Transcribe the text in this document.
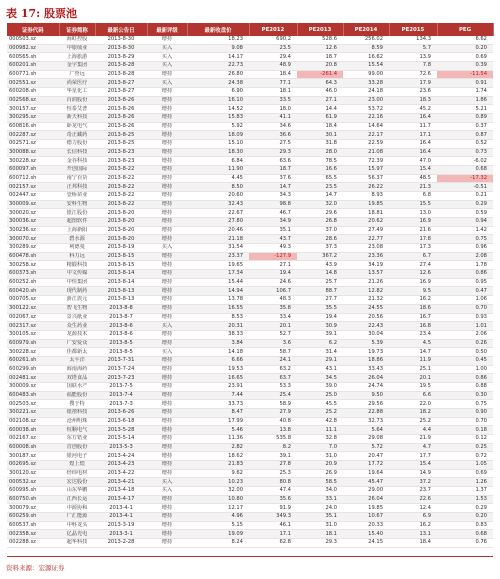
表 17: 股票池
证券代码	证券简称	最新公告日	最新评级	最新收盘价	PE2012	PE2013	PE2014	PE2015	PEG
000503.sz	海虹控股	2013-8-30	增持	18.23	690.2	528.6	256.02	134.3	6.62
000982.sz	中银绒业	2013-8-30	买入	9.08	23.5	12.6	8.59	5.7	0.20
600565.sh	上海旅游	2013-8-29	买入	14.17	29.4	18.7	16.62	13.9	0.69
600201.sh	金宇集团	2013-8-28	买入	22.73	48.9	20.8	15.54	7.8	0.39
600771.sh	广誉远	2013-8-28	增持	26.80	18.4	-261.4	99.00	72.6	-11.54
002551.sz	尚荣医疗	2013-8-27	买入	24.38	77.1	64.3	33.28	17.9	0.91
600208.sh	华星化工	2013-8-27	增持	6.90	18.1	46.0	24.18	23.6	1.74
002568.sz	百润股份	2013-8-26	增持	16.10	33.5	27.1	23.00	18.3	1.86
300157.sz	恒泰艾普	2013-8-26	增持	14.52	18.0	14.4	53.72	45.2	5.21
300295.sz	新天科技	2013-8-26	增持	15.83	41.1	61.9	22.16	16.4	0.89
600816.sh	卧龙电气	2013-8-26	增持	5.92	34.6	18.4	14.64	11.7	0.37
002287.sz	奇正藏药	2013-8-25	增持	18.09	36.6	30.1	22.17	17.1	0.87
002571.sz	德力股份	2013-8-25	增持	15.10	27.5	31.8	22.59	16.4	0.52
300088.sz	长信科技	2013-8-23	增持	18.30	29.3	28.0	21.08	16.4	0.73
300228.sz	金谷科技	2013-8-23	增持	6.84	63.6	78.5	72.39	47.0	-6.02
600097.sh	开创国际	2013-8-22	增持	11.90	18.7	16.6	15.97	15.4	0.68
600712.sh	南宁百货	2013-8-22	增持	4.45	37.6	65.5	56.37	48.5	-17.32
002157.sz	正邦科技	2013-8-22	增持	8.50	14.7	23.5	26.22	21.3	-0.51
002447.sz	壹桥苗业	2013-8-22	增持	20.60	34.3	14.7	8.93	6.8	0.21
300009.sz	安科生物	2013-8-22	增持	32.43	98.8	32.0	19.85	15.5	0.29
300020.sz	银江股份	2013-8-20	增持	22.67	46.7	29.6	18.81	13.0	0.59
300036.sz	超图软件	2013-8-20	增持	27.80	34.9	26.8	20.62	16.9	0.94
300236.sz	上海新阳	2013-8-20	增持	20.46	35.1	37.0	27.49	21.6	1.42
300070.sz	碧水源	2013-8-20	增持	21.18	43.7	28.6	22.77	17.8	0.75
300289.sz	利德曼	2013-8-19	买入	31.54	49.3	37.3	23.08	17.3	0.96
600478.sh	科力远	2013-8-15	增持	23.37	-127.9	367.2	23.36	6.7	2.08
300258.sz	精锻科技	2013-8-15	增持	19.65	27.1	43.9	34.19	27.4	1.78
600373.sh	中文传媒	2013-8-14	增持	17.34	19.4	14.8	13.57	12.6	0.86
600252.sh	中恒集团	2013-8-14	增持	15.44	24.6	25.7	21.26	16.9	0.95
600420.sh	现代制药	2013-8-13	增持	14.94	106.7	88.7	12.82	9.5	0.47
000705.sz	浙江震元	2013-8-13	增持	13.78	48.3	27.7	21.32	16.2	1.06
300122.sz	智飞生物	2013-8-8	增持	16.55	35.8	35.5	24.55	18.6	0.70
002067.sz	景兴纸业	2013-8-7	增持	8.53	33.4	19.4	20.56	16.7	0.93
002317.sz	众生药业	2013-8-6	买入	20.31	20.1	30.9	22.43	16.8	1.01
300105.sz	龙源技术	2013-8-6	增持	38.33	52.7	39.1	30.04	23.4	2.06
600979.sh	广安爱众	2013-8-5	增持	3.84	3.6	6.2	5.39	4.5	0.26
300228.sz	佳都新太	2013-8-5	买入	14.18	58.7	31.4	19.73	14.7	0.50
600261.sh	太平洋	2013-7-31	增持	6.66	24.1	29.1	18.86	11.9	0.45
600299.sh	海南海药	2013-7-24	增持	19.53	63.2	43.1	33.43	25.1	1.00
002481.sz	双塔食品	2013-7-23	增持	16.65	63.7	34.5	26.04	20.1	0.86
300009.sz	国联水产	2013-7-5	增持	23.91	53.3	39.0	24.74	19.5	0.88
600483.sh	福能股份	2013-7-4	增持	7.44	25.4	25.0	9.50	6.6	0.30
002503.sz	搜于特	2013-7-3	增持	33.73	58.9	45.5	29.56	22.0	0.75
300221.sz	银禧科技	2013-6-26	增持	8.47	27.9	25.2	22.88	18.2	0.90
002108.sz	沧州明珠	2013-6-18	增持	17.99	40.8	42.8	32.73	25.2	0.70
600038.sh	恒顺电气	2013-5-28	增持	5.46	13.8	11.1	5.64	4.4	0.18
002167.sz	东方锆业	2013-5-14	增持	11.36	535.8	32.8	29.08	21.9	0.12
600008.sh	首创股份	2013-5-3	增持	2.82	8.2	7.0	5.72	4.7	0.25
300187.sz	银河电子	2013-4-24	增持	18.62	39.1	31.0	20.47	17.7	0.72
002695.sz	煌上煌	2013-4-23	增持	21.83	27.8	20.9	17.72	15.4	1.05
300120.sz	经纬电材	2013-4-22	增持	9.62	25.3	26.9	19.64	14.9	0.69
000532.sz	宏达股份	2013-4-21	买入	10.23	80.8	58.5	45.47	37.2	1.26
600995.sh	山东华鹏	2013-4-18	买入	32.00	47.4	34.0	29.00	23.7	1.37
600750.sh	江西长运	2013-4-17	增持	10.80	35.6	33.1	26.04	22.6	1.53
300079.sz	中源协和	2013-4-1	增持	12.17	91.9	24.0	19.85	12.4	0.29
600259.sh	广汇能源	2013-4-1	增持	4.96	349.3	35.1	10.67	6.9	0.20
600537.sh	中科龙头	2013-3-19	增持	5.15	46.1	31.0	20.33	16.2	0.83
002358.sz	亿晶光电	2013-3-1	增持	19.09	17.1	18.1	15.40	13.1	0.68
002288.sz	超华科技	2013-2-28	增持	8.24	62.8	29.3	24.15	18.4	0.76
资料来源：宏源证券
